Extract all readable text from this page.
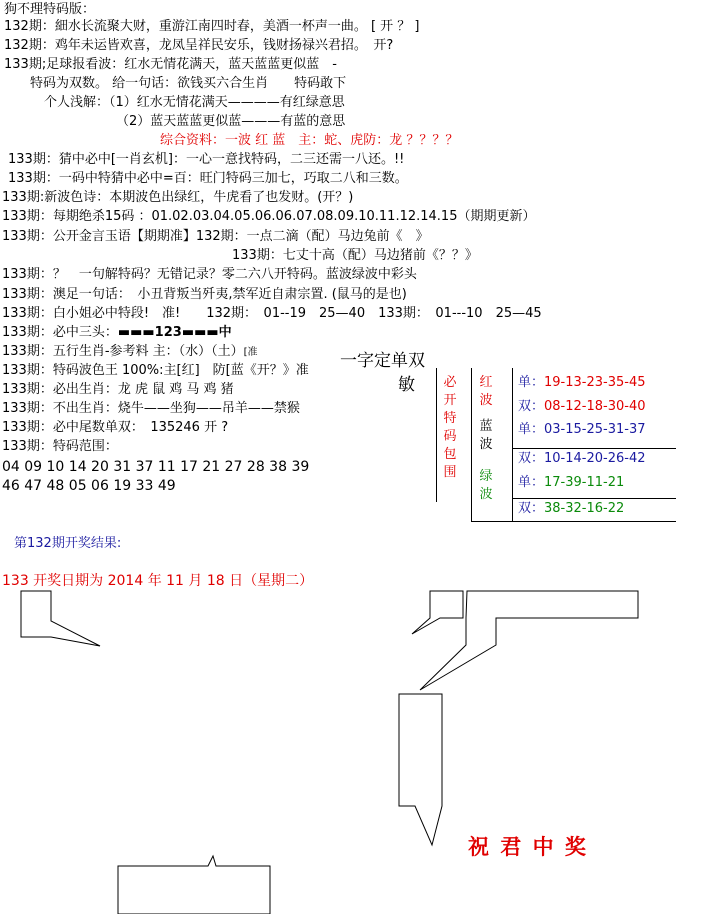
狗不理特码版：
132期：細水长流聚大财，重游江南四时春，美酒一杯声一曲。 [ 开 ？ ]
132期：鸡年未运皆欢喜，龙凤呈祥民安乐，钱财扬禄兴君招。　开?
133期;足球报看波：红水无情花满天，蓝天蓝蓝更似蓝　-
特码为双数。 给一句话：欲钱买六合生肖　　特码敢下
个人浅解：（1）红水无情花满天————有红绿意思
（2）蓝天蓝蓝更似蓝———有蓝的意思
综合资料：一波 红 蓝　主：蛇、虎防：龙 ？？？？
133期：猜中必中[一肖玄机]：一心一意找特码，二三还需一八还。!!
133期：一码中特猜中必中=百：旺门特码三加七，巧取二八和三数。
133期:新波色诗：本期波色出绿红，牛虎看了也发财。(开？)
133期：每期绝杀15码 ：01.02.03.04.05.06.06.07.08.09.10.11.12.14.15（期期更新）
133期：公开金言玉语【期期准】132期：一点二滴（配）马边兔前《　》
133期：七丈十高（配）马边猪前《？？》
133期：？　一句解特码？无错记录？零二六八开特码。蓝波绿波中彩头
133期：澳足一句话：　小丑背叛当歼夷,禁军近自肃宗置. (鼠马的是也)
133期：白小姐必中特段!　准!　　132期：　01--19　25—40　133期：　01---10　25—45
133期：必中三头：▬▬▬123▬▬▬中
133期：五行生肖-参考料 主：（水）（土）[准
133期：特码波色王 100%:主[红]　防[蓝《开？》准
133期：必出生肖：龙 虎 鼠 鸡 马 鸡 猪
133期：不出生肖：烧牛——坐狗——吊羊——禁猴
133期：必中尾数单双：　135246 开 ?
133期：特码范围：
04 09 10 14 20 31 37 11 17 21 27 28 38 39
46 47 48 05 06 19 33 49
一字定单双
敏 必开特码包围
红波
蓝波
绿波
单：19-13-23-35-45
双：08-12-18-30-40
单：03-15-25-31-37
双：10-14-20-26-42
单：17-39-11-21
双：38-32-16-22
第132期开奖结果:
133 开奖日期为 2014 年 11 月 18 日（星期二）
祝 君 中 奖
